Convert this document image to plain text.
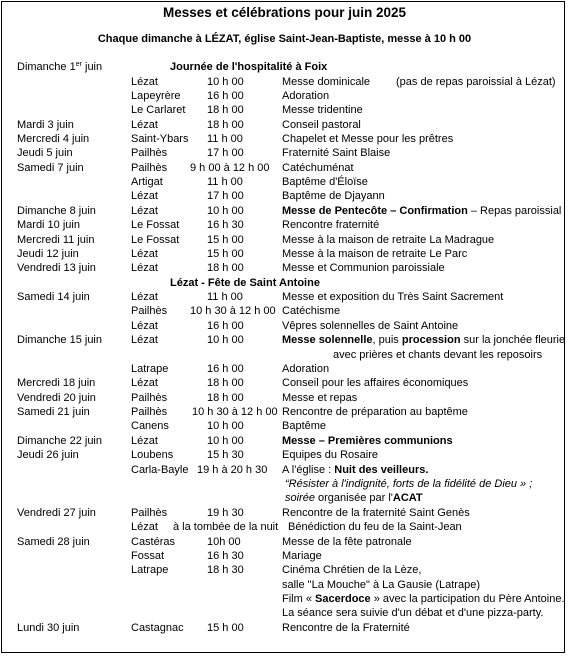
Messes et célébrations pour juin 2025
Chaque dimanche à LÉZAT, église Saint-Jean-Baptiste, messe à 10 h 00
Dimanche 1er juin	Journée de l'hospitalité à Foix
Lézat	10 h 00	Messe dominicale (pas de repas paroissial à Lézat)
Lapeyrère 16 h 00	Adoration
Le Carlaret 18 h 00	Messe tridentine
Mardi 3 juin	Lézat	18 h 00	Conseil pastoral
Mercredi 4 juin	Saint-Ybars 11 h 00	Chapelet et Messe pour les prêtres
Jeudi 5 juin	Pailhès	17 h 00	Fraternité Saint Blaise
Samedi 7 juin	Pailhès 9 h 00 à 12 h 00 Catéchuménat
Artigat	11 h 00	Baptême d'Éloïse
Lézat	17 h 00	Baptême de Djayann
Dimanche 8 juin	Lézat	10 h 00	Messe de Pentecôte – Confirmation – Repas paroissial
Mardi 10 juin	Le Fossat	16 h 30	Rencontre fraternité
Mercredi 11 juin	Le Fossat	15 h 00	Messe à la maison de retraite La Madrague
Jeudi 12 juin	Lézat	15 h 00	Messe à la maison de retraite Le Parc
Vendredi 13 juin	Lézat	18 h 00	Messe et Communion paroissiale
Lézat - Fête de Saint Antoine
Samedi 14 juin	Lézat	11 h 00	Messe et exposition du Très Saint Sacrement
Pailhès 10 h 30 à 12 h 00 Catéchisme
Lézat	16 h 00	Vêpres solennelles de Saint Antoine
Dimanche 15 juin	Lézat	10 h 00	Messe solennelle, puis procession sur la jonchée fleurie
avec prières et chants devant les reposoirs
Latrape	16 h 00	Adoration
Mercredi 18 juin	Lézat	18 h 00	Conseil pour les affaires économiques
Vendredi 20 juin	Pailhès	18 h 00	Messe et repas
Samedi 21 juin	Pailhès 10 h 30 à 12 h 00 Rencontre de préparation au baptême
Canens	10 h 00	Baptême
Dimanche 22 juin	Lézat	10 h 00	Messe – Premières communions
Jeudi 26 juin	Loubens	15 h 30	Equipes du Rosaire
Carla-Bayle 19 h à 20 h 30 A l'église : Nuit des veilleurs.
“Résister à l'indignité, forts de la fidélité de Dieu » ;
soirée organisée par l'ACAT
Vendredi 27 juin	Pailhès	19 h 30	Rencontre de la fraternité Saint Genès
Lézat à la tombée de la nuit Bénédiction du feu de la Saint-Jean
Samedi 28 juin	Castéras	10h 00	Messe de la fête patronale
Fossat	16 h 30	Mariage
Latrape	18 h 30	Cinéma Chrétien de la Lèze,
salle "La Mouche" à La Gausie (Latrape)
Film « Sacerdoce » avec la participation du Père Antoine.
La séance sera suivie d'un débat et d'une pizza-party.
Lundi 30 juin	Castagnac 15 h 00	Rencontre de la Fraternité
